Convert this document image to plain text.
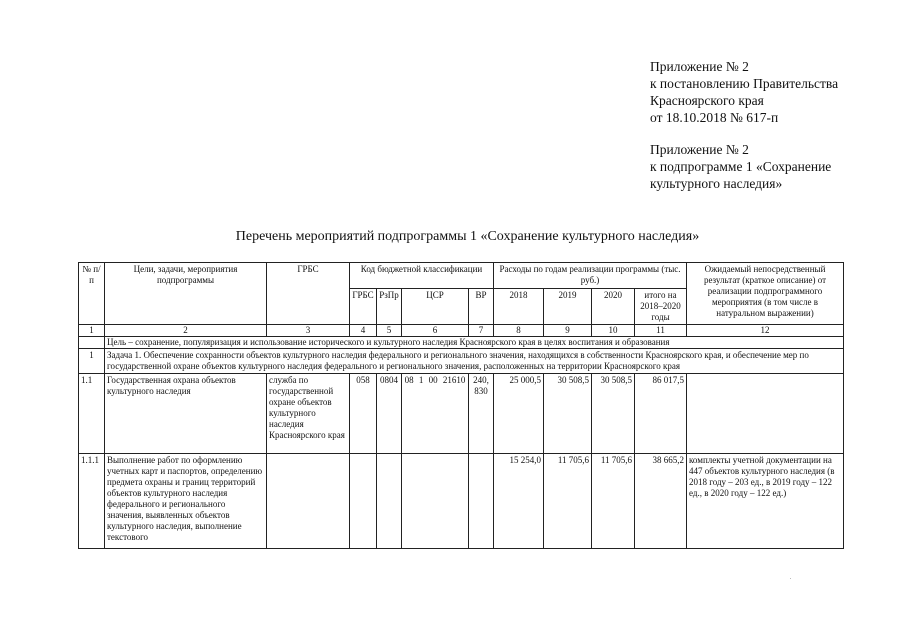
Приложение № 2
к постановлению Правительства
Красноярского края
от 18.10.2018 № 617-п
Приложение № 2
к подпрограмме 1 «Сохранение
культурного наследия»
Перечень мероприятий подпрограммы 1 «Сохранение культурного наследия»
№ п/п	Цели, задачи, мероприятия подпрограммы	ГРБС	Код бюджетной классификации				Расходы по годам реализации программы (тыс. руб.)				Ожидаемый непосредственный результат (краткое описание) от реализации подпрограммного мероприятия (в том числе в натуральном выражении)
			ГРБС	РзПр	ЦСР	ВР	2018	2019	2020	итого на 2018–2020 годы	
1	2	3	4	5	6	7	8	9	10	11	12
	Цель – сохранение, популяризация и использование исторического и культурного наследия Красноярского края в целях воспитания и образования										
1	Задача 1. Обеспечение сохранности объектов культурного наследия федерального и регионального значения, находящихся в собственности Красноярского края, и обеспечение мер по государственной охране объектов культурного наследия федерального и регионального значения, расположенных на территории Красноярского края										
1.1	Государственная охрана объектов культурного наследия	служба по государственной охране объектов культурного наследия Красноярского края	058	0804	08 1 00 21610	240, 830	25 000,5	30 508,5	30 508,5	86 017,5	
1.1.1	Выполнение работ по оформлению учетных карт и паспортов, определению предмета охраны и границ территорий объектов культурного наследия федерального и регионального значения, выявленных объектов культурного наследия, выполнение текстового						15 254,0	11 705,6	11 705,6	38 665,2	комплекты учетной документации на 447 объектов культурного наследия (в 2018 году – 203 ед., в 2019 году – 122 ед., в 2020 году – 122 ед.)
